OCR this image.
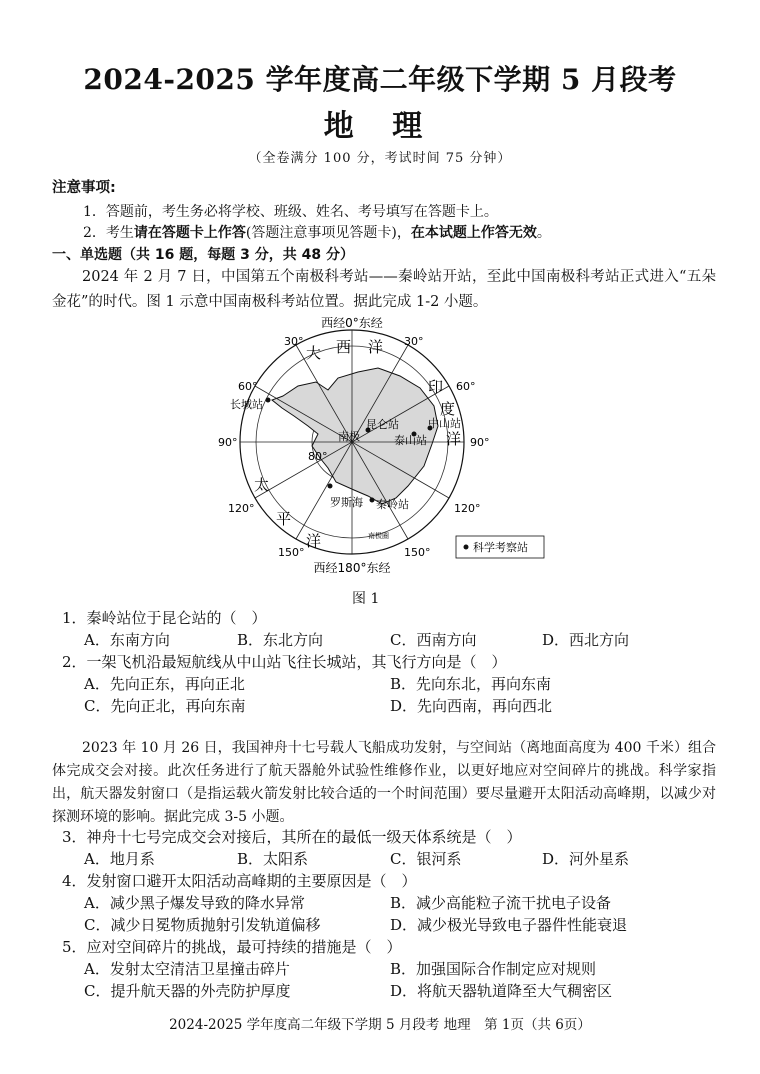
2024-2025 学年度高二年级下学期 5 月段考
地 理
（全卷满分 100 分，考试时间 75 分钟）
注意事项:
1．答题前，考生务必将学校、班级、姓名、考号填写在答题卡上。
2．考生请在答题卡上作答(答题注意事项见答题卡)，在本试题上作答无效。
一、单选题（共 16 题，每题 3 分，共 48 分）
2024 年 2 月 7 日，中国第五个南极科考站——秦岭站开站，至此中国南极科考站正式进入“五朵金花”的时代。图 1 示意中国南极科考站位置。据此完成 1-2 小题。
西经0°东经
西经180°东经
30°	30°
60°	60°
90°	90°
120°	120°
150°	150°
80°
大 西 洋
印
度
洋
太
平
洋
长城站
昆仑站	中山站
泰山站
南极
秦岭站
罗斯海
南极圈
科学考察站
图 1
1．秦岭站位于昆仑站的（　）
A．东南方向	B．东北方向	C．西南方向	D．西北方向
2．一架飞机沿最短航线从中山站飞往长城站，其飞行方向是（　）
A．先向正东，再向正北	B．先向东北，再向东南
C．先向正北，再向东南	D．先向西南，再向西北
2023 年 10 月 26 日，我国神舟十七号载人飞船成功发射，与空间站（离地面高度为 400 千米）组合体完成交会对接。此次任务进行了航天器舱外试验性维修作业，以更好地应对空间碎片的挑战。科学家指出，航天器发射窗口（是指运载火箭发射比较合适的一个时间范围）要尽量避开太阳活动高峰期，以减少对探测环境的影响。据此完成 3-5 小题。
3．神舟十七号完成交会对接后，其所在的最低一级天体系统是（　）
A．地月系	B．太阳系	C．银河系	D．河外星系
4．发射窗口避开太阳活动高峰期的主要原因是（　）
A．减少黑子爆发导致的降水异常	B．减少高能粒子流干扰电子设备
C．减少日冕物质抛射引发轨道偏移	D．减少极光导致电子器件性能衰退
5．应对空间碎片的挑战，最可持续的措施是（　）
A．发射太空清洁卫星撞击碎片	B．加强国际合作制定应对规则
C．提升航天器的外壳防护厚度	D．将航天器轨道降至大气稠密区
2024-2025 学年度高二年级下学期 5 月段考 地理　第 1页（共 6页）
